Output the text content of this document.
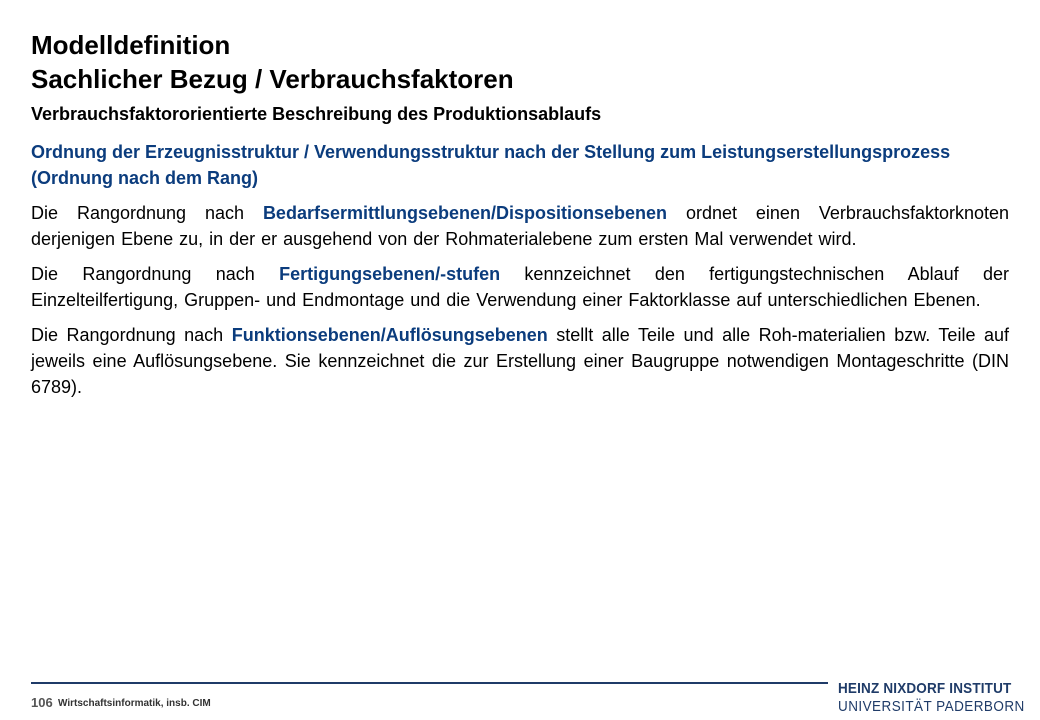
Modelldefinition
Sachlicher Bezug / Verbrauchsfaktoren
Verbrauchsfaktororientierte Beschreibung des Produktionsablaufs

Ordnung der Erzeugnisstruktur / Verwendungsstruktur nach der Stellung zum Leistungserstellungsprozess (Ordnung nach dem Rang)

Die Rangordnung nach Bedarfsermittlungsebenen/Dispositionsebenen ordnet einen Verbrauchsfaktorknoten derjenigen Ebene zu, in der er ausgehend von der Rohmaterialebene zum ersten Mal verwendet wird.

Die Rangordnung nach Fertigungsebenen/-stufen kennzeichnet den fertigungstechnischen Ablauf der Einzelteilfertigung, Gruppen- und Endmontage und die Verwendung einer Faktorklasse auf unterschiedlichen Ebenen.

Die Rangordnung nach Funktionsebenen/Auflösungsebenen stellt alle Teile und alle Roh-materialien bzw. Teile auf jeweils eine Auflösungsebene. Sie kennzeichnet die zur Erstellung einer Baugruppe notwendigen Montageschritte (DIN 6789).

106 Wirtschaftsinformatik, insb. CIM
HEINZ NIXDORF INSTITUT
UNIVERSITÄT PADERBORN
